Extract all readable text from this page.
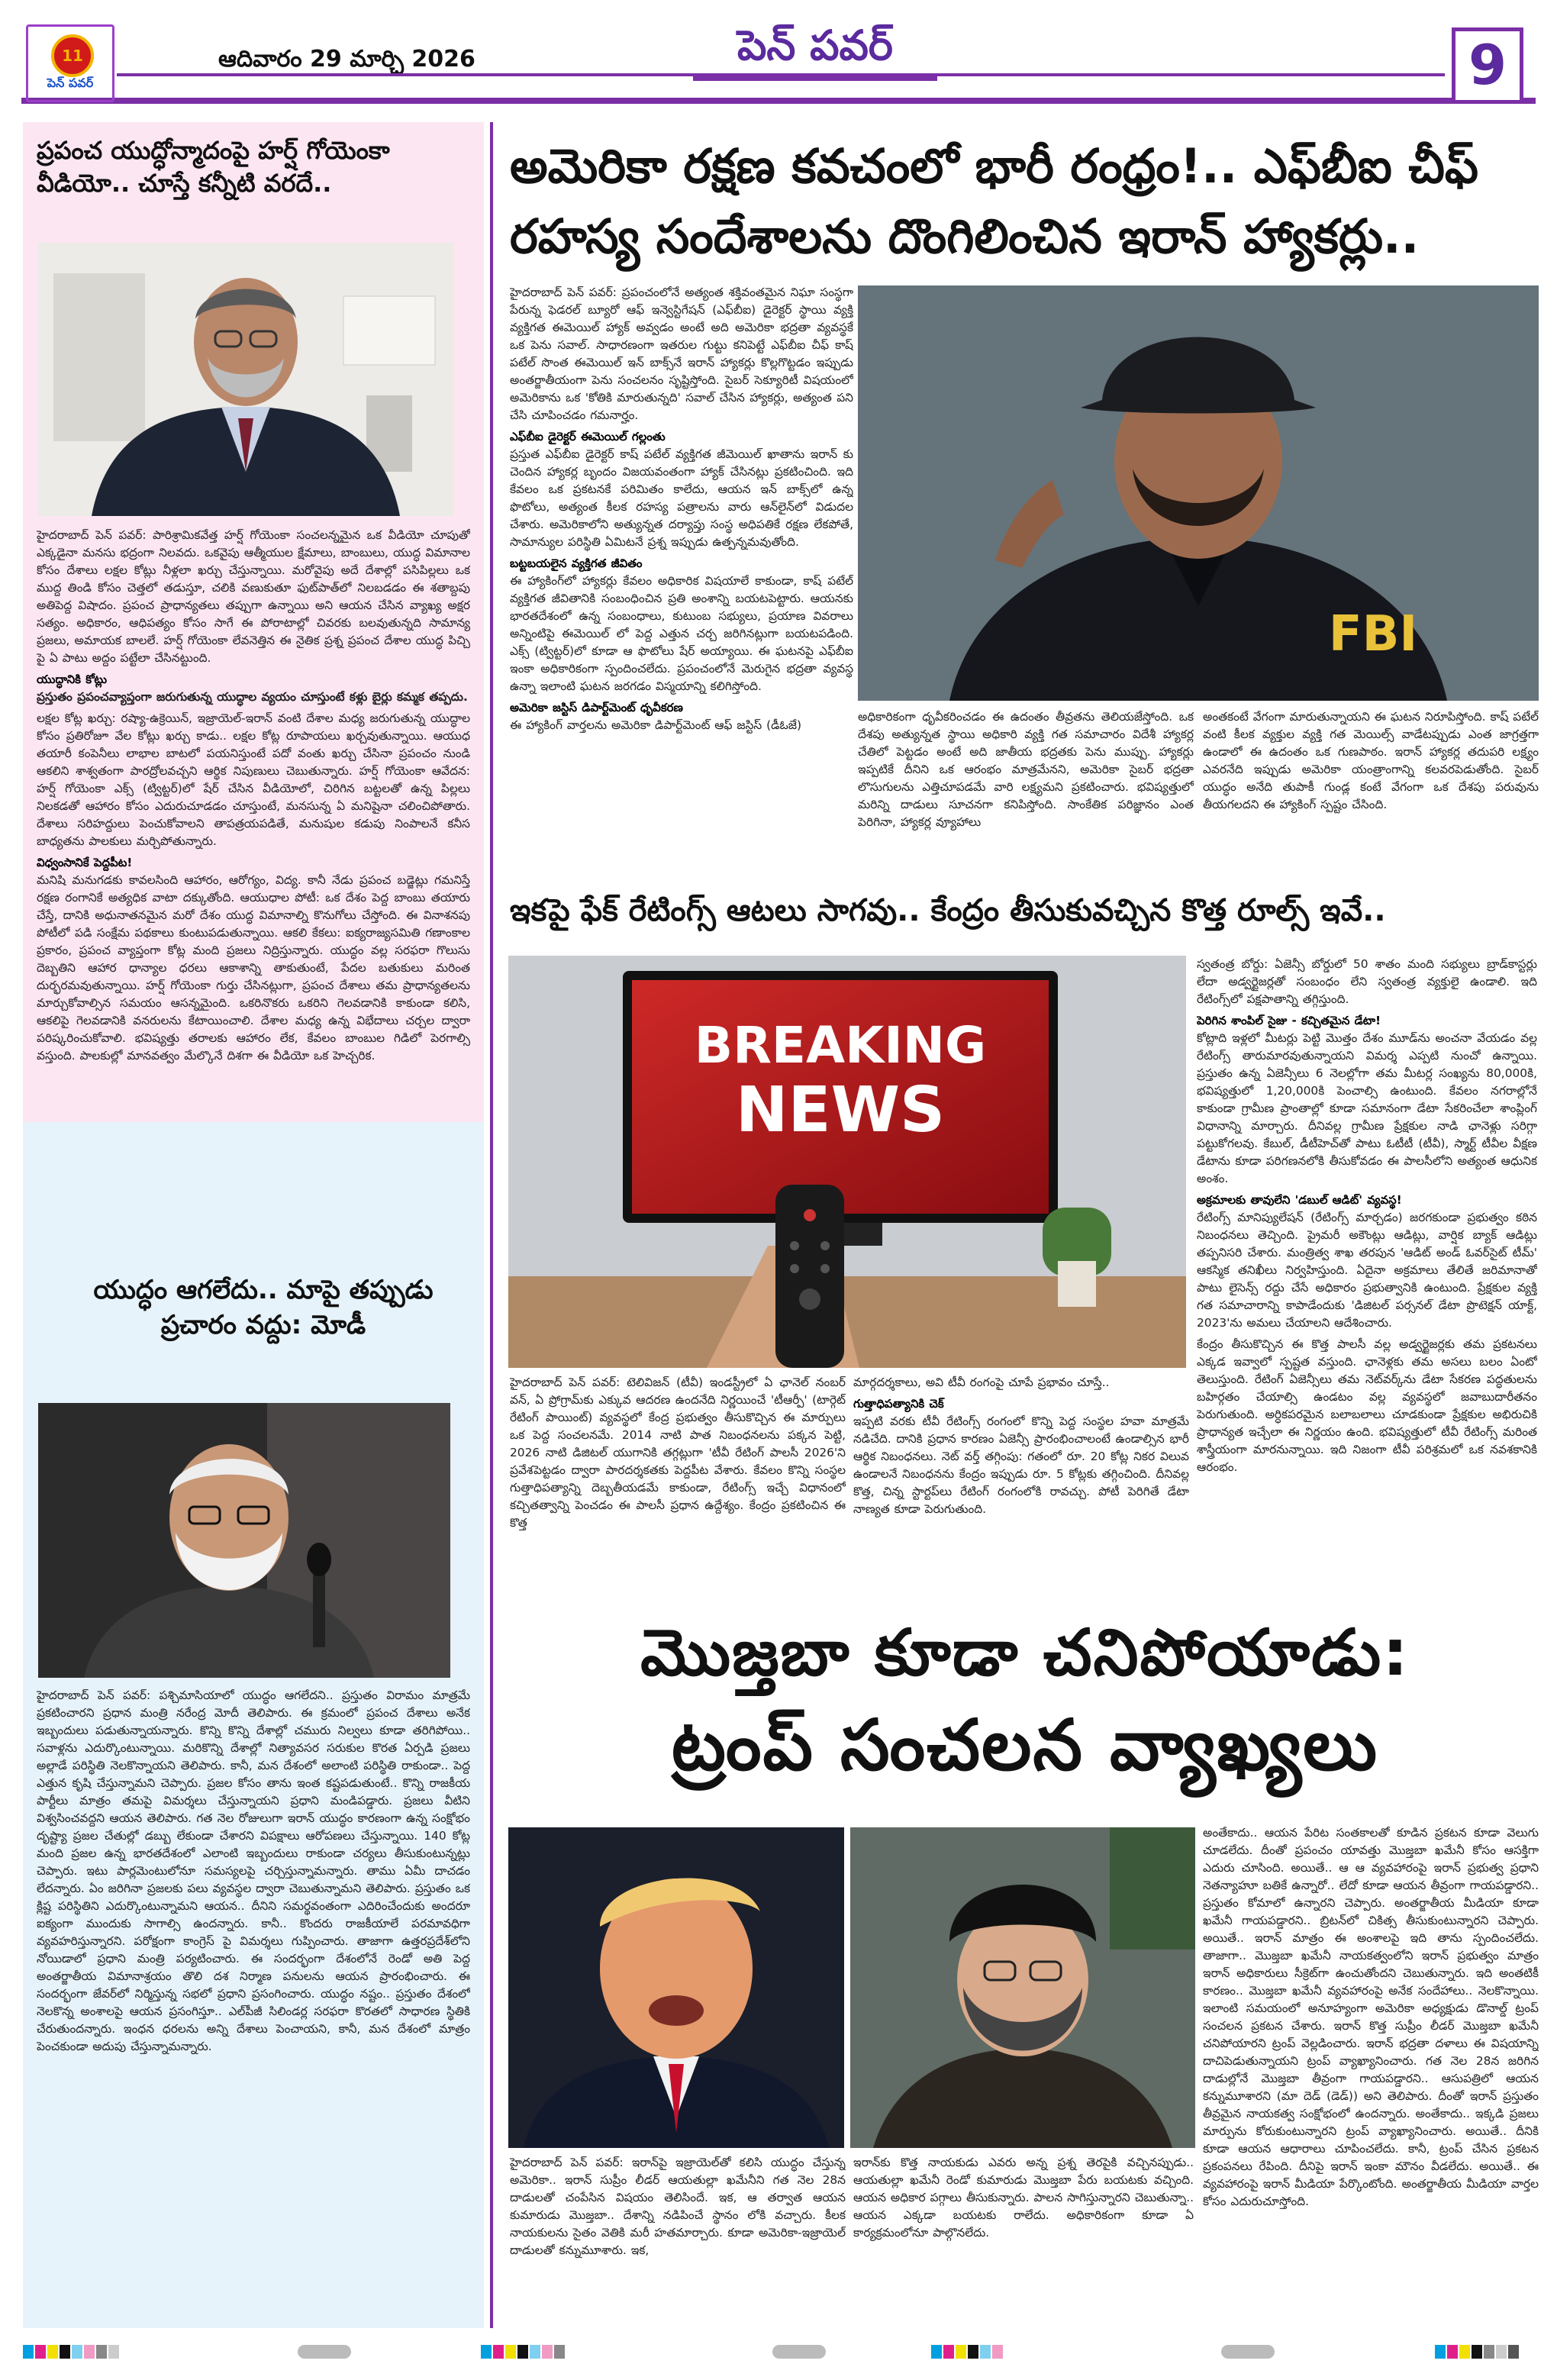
11
పెన్ పవర్
ఆదివారం 29 మార్చి 2026	పెన్ పవర్	9
ప్రపంచ యుద్ధోన్మాదంపై హర్ష్ గోయెంకా వీడియో.. చూస్తే కన్నీటి వరదే..

హైదరాబాద్ పెన్ పవర్: పారిశ్రామికవేత్త హర్ష్ గోయెంకా సంచలన్నమైన ఒక వీడియో చూపుతో ఎక్కడైనా మనసు భద్రంగా నిలవదు. ఒకవైపు ఆత్మీయుల క్షేమాలు, బాంబులు, యుద్ధ విమానాల కోసం దేశాలు లక్షల కోట్లు నీళ్లలా ఖర్చు చేస్తున్నాయి. మరోవైపు అదే దేశాల్లో పసిపిల్లలు ఒక ముద్ద తిండి కోసం చెత్తలో తడుస్తూ, చలికి వణుకుతూ ఫుట్‌పాత్‌లో నిలబడడం ఈ శతాబ్దపు అతిపెద్ద విషాదం. ప్రపంచ ప్రాధాన్యతలు తప్పుగా ఉన్నాయి అని ఆయన చేసిన వ్యాఖ్య అక్షర సత్యం. అధికారం, ఆధిపత్యం కోసం సాగే ఈ పోరాటాల్లో చివరకు బలవుతున్నది సామాన్య ప్రజలు, అమాయక బాలలే. హర్ష్ గోయెంకా లేవనెత్తిన ఈ నైతిక ప్రశ్న ప్రపంచ దేశాల యుద్ధ పిచ్చి పై ఏ పాటు అద్దం పట్టేలా చేసినట్టుంది.

యుద్ధానికి కోట్లు

ప్రస్తుతం ప్రపంచవ్యాప్తంగా జరుగుతున్న యుద్ధాల వ్యయం చూస్తుంటే కళ్లు బైర్లు కమ్మక తప్పదు.

లక్షల కోట్ల ఖర్చు: రష్యా-ఉక్రెయిన్, ఇజ్రాయెల్-ఇరాన్ వంటి దేశాల మధ్య జరుగుతున్న యుద్ధాల కోసం ప్రతిరోజూ వేల కోట్లు ఖర్చు కాడు.. లక్షల కోట్ల రూపాయలు ఖర్చవుతున్నాయి. ఆయుధ తయారీ కంపెనీలు లాభాల బాటలో పయనిస్తుంటే పదో వంతు ఖర్చు చేసినా ప్రపంచం నుండి ఆకలిని శాశ్వతంగా పారద్రోలవచ్చని ఆర్థిక నిపుణులు చెబుతున్నారు. హర్ష్ గోయెంకా ఆవేదన: హర్ష్ గోయెంకా ఎక్స్ (ట్విట్టర్)లో షేర్ చేసిన వీడియోలో, చిరిగిన బట్టలతో ఉన్న పిల్లలు నిలకడతో ఆహారం కోసం ఎదురుచూడడం చూస్తుంటే, మనసున్న ఏ మనిషైనా చలించిపోతారు. దేశాలు సరిహద్దులు పెంచుకోవాలని తాపత్రయపడితే, మనుషుల కడుపు నింపాలనే కనీస బాధ్యతను పాలకులు మర్చిపోతున్నారు.

విధ్వంసానికే పెద్దపీట!

మనిషి మనుగడకు కావలసింది ఆహారం, ఆరోగ్యం, విద్య. కానీ నేడు ప్రపంచ బడ్జెట్లు గమనిస్తే రక్షణ రంగానికే అత్యధిక వాటా దక్కుతోంది. ఆయుధాల పోటీ: ఒక దేశం పెద్ద బాంబు తయారు చేస్తే, దానికి అధునాతనమైన మరో దేశం యుద్ధ విమానాల్ని కొనుగోలు చేస్తోంది. ఈ వినాశనపు పోటీలో పడి సంక్షేమ పథకాలు కుంటుపడుతున్నాయి. ఆకలి కేకలు: ఐక్యరాజ్యసమితి గణాంకాల ప్రకారం, ప్రపంచ వ్యాప్తంగా కోట్ల మంది ప్రజలు నిద్రిస్తున్నారు. యుద్ధం వల్ల సరఫరా గొలుసు దెబ్బతిని ఆహార ధాన్యాల ధరలు ఆకాశాన్ని తాకుతుంటే, పేదల బతుకులు మరింత దుర్భరమవుతున్నాయి. హర్ష్ గోయెంకా గుర్తు చేసినట్లుగా, ప్రపంచ దేశాలు తమ ప్రాధాన్యతలను మార్చుకోవాల్సిన సమయం ఆసన్నమైంది. ఒకరినొకరు ఒకరిని గెలవడానికి కాకుండా కలిసి, ఆకలిపై గెలవడానికి వనరులను కేటాయించాలి. దేశాల మధ్య ఉన్న విభేదాలు చర్చల ద్వారా పరిష్కరించుకోవాలి. భవిష్యత్తు తరాలకు ఆహారం లేక, కేవలం బాంబుల గిడిలో పెరగాల్సి వస్తుంది. పాలకుల్లో మానవత్వం మేల్కొనే దిశగా ఈ వీడియో ఒక హెచ్చరిక.

యుద్ధం ఆగలేదు.. మాపై తప్పుడు ప్రచారం వద్దు: మోడీ

హైదరాబాద్ పెన్ పవర్: పశ్చిమాసియాలో యుద్ధం ఆగలేదని.. ప్రస్తుతం విరామం మాత్రమే ప్రకటించారని ప్రధాన మంత్రి నరేంద్ర మోదీ తెలిపారు. ఈ క్రమంలో ప్రపంచ దేశాలు అనేక ఇబ్బందులు పడుతున్నాయన్నారు. కొన్ని కొన్ని దేశాల్లో చమురు నిల్వలు కూడా తరిగిపోయి.. సవాళ్లను ఎదుర్కొంటున్నాయి. మరికొన్ని దేశాల్లో నిత్యావసర సరుకుల కొరత ఏర్పడి ప్రజలు అల్లాడే పరిస్థితి నెలకొన్నాయని తెలిపారు. కానీ, మన దేశంలో అలాంటి పరిస్థితి రాకుండా.. పెద్ద ఎత్తున కృషి చేస్తున్నామని చెప్పారు. ప్రజల కోసం తాను ఇంత కష్టపడుతుంటే.. కొన్ని రాజకీయ పార్టీలు మాత్రం తమపై విమర్శలు చేస్తున్నాయని ప్రధాని మండిపడ్డారు. ప్రజలు వీటిని విశ్వసించవద్దని ఆయన తెలిపారు. గత నెల రోజులుగా ఇరాన్ యుద్ధం కారణంగా ఉన్న సంక్షోభం దృష్ట్యా ప్రజల చేతుల్లో డబ్బు లేకుండా చేశారని విపక్షాలు ఆరోపణలు చేస్తున్నాయి. 140 కోట్ల మంది ప్రజల ఉన్న భారతదేశంలో ఎలాంటి ఇబ్బందులు రాకుండా చర్యలు తీసుకుంటున్నట్లు చెప్పారు. ఇటు పార్లమెంటులోనూ సమస్యలపై చర్చిస్తున్నామన్నారు. తాము ఏమీ దాచడం లేదన్నారు. ఏం జరిగినా ప్రజలకు పలు వ్యవస్థల ద్వారా చెబుతున్నామని తెలిపారు. ప్రస్తుతం ఒక క్లిష్ట పరిస్థితిని ఎదుర్కొంటున్నామని ఆయన.. దీనిని సమర్థవంతంగా ఎదిరించేందుకు అందరూ ఐక్యంగా ముందుకు సాగాల్సి ఉందన్నారు. కానీ.. కొందరు రాజకీయాలే పరమావధిగా వ్యవహరిస్తున్నారని. పరోక్షంగా కాంగ్రెస్ పై విమర్శలు గుప్పించారు. తాజాగా ఉత్తరప్రదేశ్‌లోని నోయిడాలో ప్రధాని మంత్రి పర్యటించారు. ఈ సందర్భంగా దేశంలోనే రెండో అతి పెద్ద అంతర్జాతీయ విమానాశ్రయం తొలి దశ నిర్మాణ పనులను ఆయన ప్రారంభించారు. ఈ సందర్భంగా జేవర్‌లో నిర్మిస్తున్న సభలో ప్రధాని ప్రసంగించారు. యుద్ధం నష్టం.. ప్రస్తుతం దేశంలో నెలకొన్న అంశాలపై ఆయన ప్రసంగిస్తూ.. ఎల్‌పీజీ సిలిండర్ల సరఫరా కొరతలో సాధారణ స్థితికి చేరుతుందన్నారు. ఇంధన ధరలను అన్ని దేశాలు పెంచాయని, కానీ, మన దేశంలో మాత్రం పెంచకుండా అదుపు చేస్తున్నామన్నారు.

అమెరికా రక్షణ కవచంలో భారీ రంధ్రం!.. ఎఫ్‌బీఐ చీఫ్ రహస్య సందేశాలను దొంగిలించిన ఇరాన్ హ్యాకర్లు..

హైదరాబాద్ పెన్ పవర్: ప్రపంచంలోనే అత్యంత శక్తివంతమైన నిఘా సంస్థగా పేరున్న ఫెడరల్ బ్యూరో ఆఫ్ ఇన్వెస్టిగేషన్ (ఎఫ్‌బీఐ) డైరెక్టర్ స్థాయి వ్యక్తి వ్యక్తిగత ఈమెయిల్ హ్యాక్ అవ్వడం అంటే అది అమెరికా భద్రతా వ్యవస్థకే ఒక పెను సవాల్. సాధారణంగా ఇతరుల గుట్టు కనిపెట్టే ఎఫ్‌బీఐ చీఫ్ కాష్ పటేల్ సొంత ఈమెయిల్ ఇన్ బాక్స్‌నే ఇరాన్ హ్యాకర్లు కొల్లగొట్టడం ఇప్పుడు అంతర్జాతీయంగా పెను సంచలనం సృష్టిస్తోంది. సైబర్ సెక్యూరిటీ విషయంలో అమెరికాను ఒక 'కోతికి మారుతున్నది' సవాల్ చేసిన హ్యాకర్లు, అత్యంత పని చేసి చూపించడం గమనార్హం.

ఎఫ్‌బీఐ డైరెక్టర్ ఈమెయిల్ గల్లంతు

ప్రస్తుత ఎఫ్‌బీఐ డైరెక్టర్ కాష్ పటేల్ వ్యక్తిగత జీమెయిల్ ఖాతాను ఇరాన్ కు చెందిన హ్యాకర్ల బృందం విజయవంతంగా హ్యాక్ చేసినట్లు ప్రకటించింది. ఇది కేవలం ఒక ప్రకటనకే పరిమితం కాలేదు, ఆయన ఇన్ బాక్స్‌లో ఉన్న ఫొటోలు, అత్యంత కీలక రహస్య పత్రాలను వారు ఆన్‌లైన్‌లో విడుదల చేశారు. అమెరికాలోని అత్యున్నత దర్యాప్తు సంస్థ అధిపతికే రక్షణ లేకపోతే, సామాన్యుల పరిస్థితి ఏమిటనే ప్రశ్న ఇప్పుడు ఉత్పన్నమవుతోంది.

బట్టబయలైన వ్యక్తిగత జీవితం

ఈ హ్యాకింగ్‌లో హ్యాకర్లు కేవలం అధికారిక విషయాలే కాకుండా, కాష్ పటేల్ వ్యక్తిగత జీవితానికి సంబంధించిన ప్రతి అంశాన్ని బయటపెట్టారు. ఆయనకు భారతదేశంలో ఉన్న సంబంధాలు, కుటుంబ సభ్యులు, ప్రయాణ వివరాలు అన్నింటిపై ఈమెయిల్ లో పెద్ద ఎత్తున చర్చ జరిగినట్లుగా బయటపడింది. ఎక్స్ (ట్విట్టర్)లో కూడా ఆ ఫొటోలు షేర్ అయ్యాయి. ఈ ఘటనపై ఎఫ్‌బీఐ ఇంకా అధికారికంగా స్పందించలేదు. ప్రపంచంలోనే మెరుగైన భద్రతా వ్యవస్థ ఉన్నా ఇలాంటి ఘటన జరగడం విస్మయాన్ని కలిగిస్తోంది.

అమెరికా జస్టిస్ డిపార్ట్‌మెంట్ ధృవీకరణ

ఈ హ్యాకింగ్ వార్తలను అమెరికా డిపార్ట్‌మెంట్ ఆఫ్ జస్టిస్ (డీఓజే)

FBI

అధికారికంగా ధృవీకరించడం ఈ ఉదంతం తీవ్రతను తెలియజేస్తోంది. ఒక దేశపు అత్యున్నత స్థాయి అధికారి వ్యక్తి గత సమాచారం విదేశీ హ్యాకర్ల చేతిలో పెట్టడం అంటే అది జాతీయ భద్రతకు పెను ముప్పు. హ్యాకర్లు ఇప్పటికే దీనిని ఒక ఆరంభం మాత్రమేనని, అమెరికా సైబర్ భద్రతా లొసుగులను ఎత్తిచూపడమే వారి లక్ష్యమని ప్రకటించారు. భవిష్యత్తులో మరిన్ని దాడులు సూచనగా కనిపిస్తోంది. సాంకేతిక పరిజ్ఞానం ఎంత పెరిగినా, హ్యాకర్ల వ్యూహాలు

అంతకంటే వేగంగా మారుతున్నాయని ఈ ఘటన నిరూపిస్తోంది. కాష్ పటేల్ వంటి కీలక వ్యక్తుల వ్యక్తి గత మెయిల్స్ వాడేటప్పుడు ఎంత జాగ్రత్తగా ఉండాలో ఈ ఉదంతం ఒక గుణపాఠం. ఇరాన్ హ్యాకర్ల తదుపరి లక్ష్యం ఎవరనేది ఇప్పుడు అమెరికా యంత్రాంగాన్ని కలవరపెడుతోంది. సైబర్ యుద్ధం అనేది తుపాకీ గుండ్ల కంటే వేగంగా ఒక దేశపు పరువును తీయగలదని ఈ హ్యాకింగ్ స్పష్టం చేసింది.

ఇకపై ఫేక్ రేటింగ్స్ ఆటలు సాగవు.. కేంద్రం తీసుకువచ్చిన కొత్త రూల్స్ ఇవే..
BREAKING
NEWS

హైదరాబాద్ పెన్ పవర్: టెలివిజన్ (టీవీ) ఇండస్ట్రీలో ఏ ఛానెల్ నంబర్ వన్, ఏ ప్రోగ్రామ్‌కు ఎక్కువ ఆదరణ ఉందనేది నిర్ణయించే 'టీఆర్పీ' (టార్గెట్ రేటింగ్ పాయింట్) వ్యవస్థలో కేంద్ర ప్రభుత్వం తీసుకొచ్చిన ఈ మార్పులు ఒక పెద్ద సంచలనమే. 2014 నాటి పాత నిబంధనలను పక్కన పెట్టి, 2026 నాటి డిజిటల్ యుగానికి తగ్గట్లుగా 'టీవీ రేటింగ్ పాలసీ 2026'ని ప్రవేశపెట్టడం ద్వారా పారదర్శకతకు పెద్దపీట వేశారు. కేవలం కొన్ని సంస్థల గుత్తాధిపత్యాన్ని దెబ్బతీయడమే కాకుండా, రేటింగ్స్ ఇచ్చే విధానంలో కచ్చితత్వాన్ని పెంచడం ఈ పాలసీ ప్రధాన ఉద్దేశ్యం. కేంద్రం ప్రకటించిన ఈ కొత్త

మార్గదర్శకాలు, అవి టీవీ రంగంపై చూపే ప్రభావం చూస్తే..

గుత్తాధిపత్యానికి చెక్

ఇప్పటి వరకు టీవీ రేటింగ్స్ రంగంలో కొన్ని పెద్ద సంస్థల హవా మాత్రమే నడిచేది. దానికి ప్రధాన కారణం ఏజెన్సీ ప్రారంభించాలంటే ఉండాల్సిన భారీ ఆర్థిక నిబంధనలు. నెట్ వర్త్ తగ్గింపు: గతంలో రూ. 20 కోట్ల నికర విలువ ఉండాలనే నిబంధనను కేంద్రం ఇప్పుడు రూ. 5 కోట్లకు తగ్గించింది. దీనివల్ల కొత్త, చిన్న స్టార్టప్‌లు రేటింగ్ రంగంలోకి రావచ్చు. పోటీ పెరిగితే డేటా నాణ్యత కూడా పెరుగుతుంది.

స్వతంత్ర బోర్డు: ఏజెన్సీ బోర్డులో 50 శాతం మంది సభ్యులు బ్రాడ్‌కాస్టర్లు లేదా అడ్వర్టైజర్లతో సంబంధం లేని స్వతంత్ర వ్యక్తులై ఉండాలి. ఇది రేటింగ్స్‌లో పక్షపాతాన్ని తగ్గిస్తుంది.

పెరిగిన శాంపిల్ సైజు - కచ్చితమైన డేటా!

కోట్లాది ఇళ్లలో మీటర్లు పెట్టి మొత్తం దేశం మూడ్‌ను అంచనా వేయడం వల్ల రేటింగ్స్ తారుమారవుతున్నాయని విమర్శ ఎప్పటి నుంచో ఉన్నాయి. ప్రస్తుతం ఉన్న ఏజెన్సీలు 6 నెలల్లోగా తమ మీటర్ల సంఖ్యను 80,000కి, భవిష్యత్తులో 1,20,000కి పెంచాల్సి ఉంటుంది. కేవలం నగరాల్లోనే కాకుండా గ్రామీణ ప్రాంతాల్లో కూడా సమానంగా డేటా సేకరించేలా శాంప్లింగ్ విధానాన్ని మార్చారు. దీనివల్ల గ్రామీణ ప్రేక్షకుల నాడి ఛానెళ్లు సరిగ్గా పట్టుకోగలవు. కేబుల్, డీటీహెచ్‌తో పాటు ఓటీటీ (టీవీ), స్మార్ట్ టీవీల వీక్షణ డేటాను కూడా పరిగణనలోకి తీసుకోవడం ఈ పాలసీలోని అత్యంత ఆధునిక అంశం.

అక్రమాలకు తావులేని 'డబుల్ ఆడిట్' వ్యవస్థ!

రేటింగ్స్ మానిప్యులేషన్ (రేటింగ్స్ మార్చడం) జరగకుండా ప్రభుత్వం కఠిన నిబంధనలు తెచ్చింది. ప్రైమరీ అకౌంట్లు ఆడిట్లు, వార్షిక బ్యాక్ ఆడిట్లు తప్పనిసరి చేశారు. మంత్రిత్వ శాఖ తరపున 'ఆడిట్ అండ్ ఓవర్‌సైట్ టీమ్' ఆకస్మిక తనిఖీలు నిర్వహిస్తుంది. ఏదైనా అక్రమాలు తేలితే జరిమానాతో పాటు లైసెన్స్ రద్దు చేసే అధికారం ప్రభుత్వానికి ఉంటుంది. ప్రేక్షకుల వ్యక్తి గత సమాచారాన్ని కాపాడేందుకు 'డిజిటల్ పర్సనల్ డేటా ప్రొటెక్షన్ యాక్ట్, 2023'ను అమలు చేయాలని ఆదేశించారు.

కేంద్రం తీసుకొచ్చిన ఈ కొత్త పాలసీ వల్ల అడ్వర్టైజర్లకు తమ ప్రకటనలు ఎక్కడ ఇవ్వాలో స్పష్టత వస్తుంది. ఛానెళ్లకు తమ అసలు బలం ఏంటో తెలుస్తుంది. రేటింగ్ ఏజెన్సీలు తమ నెట్‌వర్క్‌ను డేటా సేకరణ పద్ధతులను బహిర్గతం చేయాల్సి ఉండటం వల్ల వ్యవస్థలో జవాబుదారీతనం పెరుగుతుంది. అర్ధికపరమైన బలాబలాలు చూడకుండా ప్రేక్షకుల అభిరుచికి ప్రాధాన్యత ఇచ్చేలా ఈ నిర్ణయం ఉంది. భవిష్యత్తులో టీవీ రేటింగ్స్ మరింత శాస్త్రీయంగా మారనున్నాయి. ఇది నిజంగా టీవీ పరిశ్రమలో ఒక నవశకానికి ఆరంభం.

మొజ్తబా కూడా చనిపోయాడు:
ట్రంప్ సంచలన వ్యాఖ్యలు

హైదరాబాద్ పెన్ పవర్: ఇరాన్‌పై ఇజ్రాయెల్‌తో కలిసి యుద్ధం చేస్తున్న అమెరికా.. ఇరాన్ సుప్రీం లీడర్ ఆయతుల్లా ఖమేనీని గత నెల 28న దాడులతో చంపేసిన విషయం తెలిసిందే. ఇక, ఆ తర్వాత ఆయన కుమారుడు మొజ్తబా.. దేశాన్ని నడిపించే స్థానం లోకి వచ్చారు. కీలక నాయకులను సైతం వెతికి మరీ హతమార్చారు. కూడా అమెరికా-ఇజ్రాయెల్ దాడులతో కన్నుమూశారు. ఇక,

ఇరాన్‌కు కొత్త నాయకుడు ఎవరు అన్న ప్రశ్న తెరపైకి వచ్చినప్పుడు.. ఆయతుల్లా ఖమేనీ రెండో కుమారుడు మొజ్తబా పేరు బయటకు వచ్చింది. ఆయన అధికార పగ్గాలు తీసుకున్నారు. పాలన సాగిస్తున్నారని చెబుతున్నా.. ఆయన ఎక్కడా బయటకు రాలేదు. అధికారికంగా కూడా ఏ కార్యక్రమంలోనూ పాల్గొనలేదు.

అంతేకాదు.. ఆయన పేరిట సంతకాలతో కూడిన ప్రకటన కూడా వెలుగు చూడలేదు. దీంతో ప్రపంచం యావత్తు మొజ్తబా ఖమేనీ కోసం ఆసక్తిగా ఎదురు చూసింది. అయితే.. ఆ ఆ వ్యవహారంపై ఇరాన్ ప్రభుత్వ ప్రధాని నెతన్యాహూ బతికే ఉన్నారో.. లేదో కూడా ఆయన తీవ్రంగా గాయపడ్డారని.. ప్రస్తుతం కోమాలో ఉన్నారని చెప్పారు. అంతర్జాతీయ మీడియా కూడా ఖమేనీ గాయపడ్డారని.. బ్రిటన్‌లో చికిత్స తీసుకుంటున్నారని చెప్పారు. అయితే.. ఇరాన్ మాత్రం ఈ అంశాలపై ఇది తాను స్పందించలేదు. తాజాగా.. మొజ్తబా ఖమేనీ నాయకత్వంలోని ఇరాన్ ప్రభుత్వం మాత్రం ఇరాన్ అధికారులు సీక్రెట్‌గా ఉంచుతోందని చెబుతున్నారు. ఇది అంతటికీ కారణం.. మొజ్తబా ఖమేనీ వ్యవహారంపై అనేక సందేహాలు.. నెలకొన్నాయి. ఇలాంటి సమయంలో అనూహ్యంగా అమెరికా అధ్యక్షుడు డొనాల్డ్ ట్రంప్ సంచలన ప్రకటన చేశారు. ఇరాన్ కొత్త సుప్రీం లీడర్ మొజ్తబా ఖమేనీ చనిపోయారని ట్రంప్ వెల్లడించారు. ఇరాన్ భద్రతా దళాలు ఈ విషయాన్ని దాచిపెడుతున్నాయని ట్రంప్ వ్యాఖ్యానించారు. గత నెల 28న జరిగిన దాడుల్లోనే మొజ్తబా తీవ్రంగా గాయపడ్డారని.. ఆసుపత్రిలో ఆయన కన్నుమూశారని (మా దెడ్ (డెడ్)) అని తెలిపారు. దీంతో ఇరాన్ ప్రస్తుతం తీవ్రమైన నాయకత్వ సంక్షోభంలో ఉందన్నారు. అంతేకాదు.. ఇక్కడి ప్రజలు మార్పును కోరుకుంటున్నారని ట్రంప్ వ్యాఖ్యానించారు. అయితే.. దీనికి కూడా ఆయన ఆధారాలు చూపించలేదు. కానీ, ట్రంప్ చేసిన ప్రకటన ప్రకంపనలు రేపింది. దీనిపై ఇరాన్ ఇంకా మౌనం వీడలేదు. అయితే.. ఈ వ్యవహారంపై ఇరాన్ మీడియా పేర్కొంటోంది. అంతర్జాతీయ మీడియా వార్తల కోసం ఎదురుచూస్తోంది.
